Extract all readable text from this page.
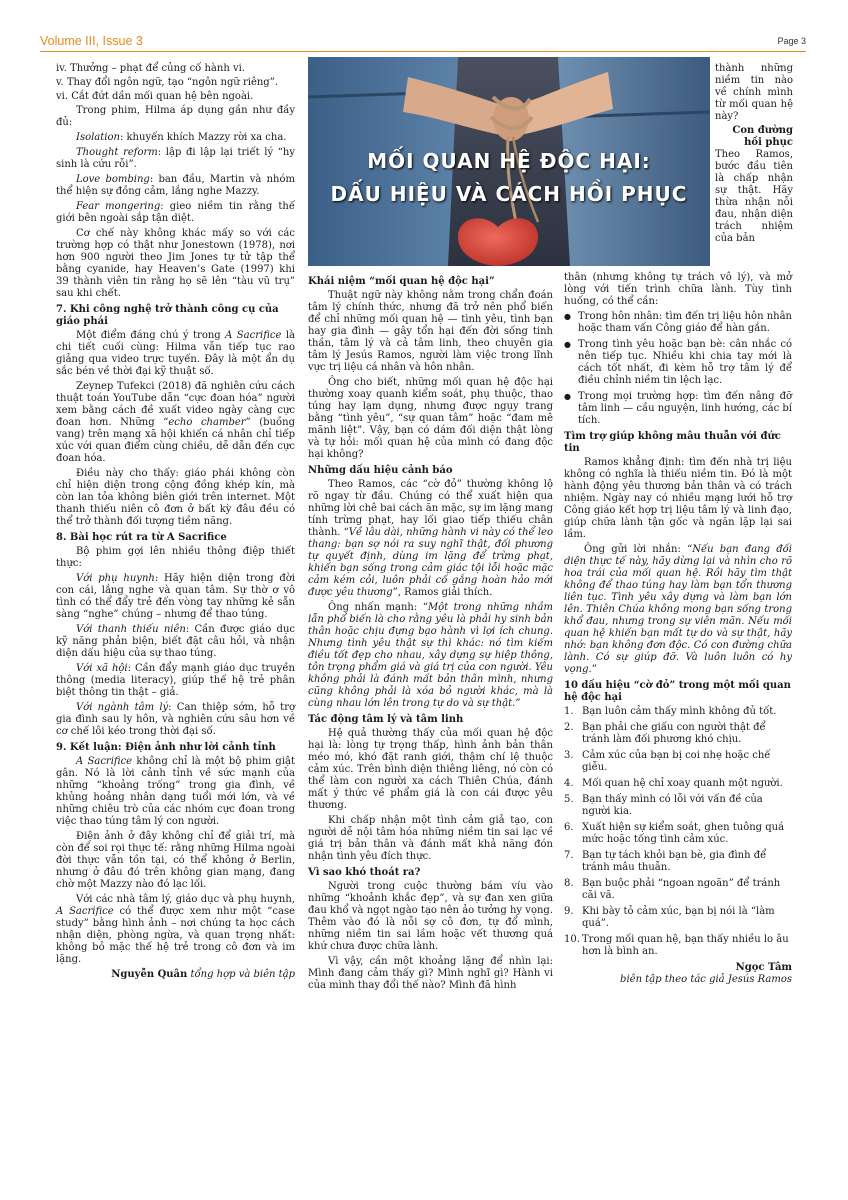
Volume III, Issue 3	Page 3

iv. Thưởng – phạt để củng cố hành vi.

v. Thay đổi ngôn ngữ, tạo “ngôn ngữ riêng”.

vi. Cắt đứt dần mối quan hệ bên ngoài.

Trong phim, Hilma áp dụng gần như đầy đủ:

Isolation: khuyến khích Mazzy rời xa cha.

Thought reform: lập đi lập lại triết lý “hy sinh là cứu rỗi”.

Love bombing: ban đầu, Martin và nhóm thể hiện sự đồng cảm, lắng nghe Mazzy.

Fear mongering: gieo niềm tin rằng thế giới bên ngoài sắp tận diệt.

Cơ chế này không khác mấy so với các trường hợp có thật như Jonestown (1978), nơi hơn 900 người theo Jim Jones tự tử tập thể bằng cyanide, hay Heaven’s Gate (1997) khi 39 thành viên tin rằng họ sẽ lên “tàu vũ trụ” sau khi chết.

7. Khi công nghệ trở thành công cụ của giáo phái

Một điểm đáng chú ý trong A Sacrifice là chi tiết cuối cùng: Hilma vẫn tiếp tục rao giảng qua video trực tuyến. Đây là một ẩn dụ sắc bén về thời đại kỹ thuật số.

Zeynep Tufekci (2018) đã nghiên cứu cách thuật toán YouTube dẫn “cực đoan hóa” người xem bằng cách đề xuất video ngày càng cực đoan hơn. Những “echo chamber” (buồng vang) trên mạng xã hội khiến cá nhân chỉ tiếp xúc với quan điểm cùng chiều, dễ dẫn đến cực đoan hóa.

Điều này cho thấy: giáo phái không còn chỉ hiện diện trong cộng đồng khép kín, mà còn lan tỏa không biên giới trên internet. Một thanh thiếu niên cô đơn ở bất kỳ đâu đều có thể trở thành đối tượng tiềm năng.

8. Bài học rút ra từ A Sacrifice

Bộ phim gợi lên nhiều thông điệp thiết thực:

Với phụ huynh: Hãy hiện diện trong đời con cái, lắng nghe và quan tâm. Sự thờ ơ vô tình có thể đẩy trẻ đến vòng tay những kẻ sẵn sàng “nghe” chúng – nhưng để thao túng.

Với thanh thiếu niên: Cần được giáo dục kỹ năng phản biện, biết đặt câu hỏi, và nhận diện dấu hiệu của sự thao túng.

Với xã hội: Cần đẩy mạnh giáo dục truyền thông (media literacy), giúp thế hệ trẻ phân biệt thông tin thật – giả.

Với ngành tâm lý: Can thiệp sớm, hỗ trợ gia đình sau ly hôn, và nghiên cứu sâu hơn về cơ chế lôi kéo trong thời đại số.

9. Kết luận: Điện ảnh như lời cảnh tỉnh

A Sacrifice không chỉ là một bộ phim giật gân. Nó là lời cảnh tỉnh về sức mạnh của những “khoảng trống” trong gia đình, về khủng hoảng nhân dạng tuổi mới lớn, và về những chiêu trò của các nhóm cực đoan trong việc thao túng tâm lý con người.

Điện ảnh ở đây không chỉ để giải trí, mà còn để soi rọi thực tế: rằng những Hilma ngoài đời thực vẫn tồn tại, có thể không ở Berlin, nhưng ở đâu đó trên không gian mạng, đang chờ một Mazzy nào đó lạc lối.

Với các nhà tâm lý, giáo dục và phụ huynh, A Sacrifice có thể được xem như một “case study” bằng hình ảnh – nơi chúng ta học cách nhận diện, phòng ngừa, và quan trọng nhất: không bỏ mặc thế hệ trẻ trong cô đơn và im lặng.

Nguyễn Quân tổng hợp và biên tập

MỐI QUAN HỆ ĐỘC HẠI:
DẤU HIỆU VÀ CÁCH HỒI PHỤC

thành những niềm tin nào về chính mình từ mối quan hệ này?

Con đường hồi phục

Theo Ramos, bước đầu tiên là chấp nhận sự thật. Hãy thừa nhận nỗi đau, nhận diện trách nhiệm của bản

Khái niệm “mối quan hệ độc hại”

Thuật ngữ này không nằm trong chẩn đoán tâm lý chính thức, nhưng đã trở nên phổ biến để chỉ những mối quan hệ — tình yêu, tình bạn hay gia đình — gây tổn hại đến đời sống tinh thần, tâm lý và cả tâm linh, theo chuyên gia tâm lý Jesús Ramos, người làm việc trong lĩnh vực trị liệu cá nhân và hôn nhân.

Ông cho biết, những mối quan hệ độc hại thường xoay quanh kiểm soát, phụ thuộc, thao túng hay lạm dụng, nhưng được ngụy trang bằng “tình yêu”, “sự quan tâm” hoặc “đam mê mãnh liệt”. Vậy, bạn có dám đối diện thật lòng và tự hỏi: mối quan hệ của mình có đang độc hại không?

Những dấu hiệu cảnh báo

Theo Ramos, các “cờ đỏ” thường không lộ rõ ngay từ đầu. Chúng có thể xuất hiện qua những lời chê bai cách ăn mặc, sự im lặng mang tính trừng phạt, hay lối giao tiếp thiếu chân thành. “Về lâu dài, những hành vi này có thể leo thang: bạn sợ nói ra suy nghĩ thật, đối phương tự quyết định, dùng im lặng để trừng phạt, khiến bạn sống trong cảm giác tội lỗi hoặc mặc cảm kém cỏi, luôn phải cố gắng hoàn hảo mới được yêu thương”, Ramos giải thích.

Ông nhấn mạnh: “Một trong những nhầm lẫn phổ biến là cho rằng yêu là phải hy sinh bản thân hoặc chịu đựng bạo hành vì lợi ích chung. Nhưng tình yêu thật sự thì khác: nó tìm kiếm điều tốt đẹp cho nhau, xây dựng sự hiệp thông, tôn trọng phẩm giá và giá trị của con người. Yêu không phải là đánh mất bản thân mình, nhưng cũng không phải là xóa bỏ người khác, mà là cùng nhau lớn lên trong tự do và sự thật.”

Tác động tâm lý và tâm linh

Hệ quả thường thấy của mối quan hệ độc hại là: lòng tự trọng thấp, hình ảnh bản thân méo mó, khó đặt ranh giới, thậm chí lệ thuộc cảm xúc. Trên bình diện thiêng liêng, nó còn có thể làm con người xa cách Thiên Chúa, đánh mất ý thức về phẩm giá là con cái được yêu thương.

Khi chấp nhận một tình cảm giả tạo, con người dễ nội tâm hóa những niềm tin sai lạc về giá trị bản thân và đánh mất khả năng đón nhận tình yêu đích thực.

Vì sao khó thoát ra?

Người trong cuộc thường bám víu vào những “khoảnh khắc đẹp”, và sự đan xen giữa đau khổ và ngọt ngào tạo nên ảo tưởng hy vọng. Thêm vào đó là nỗi sợ cô đơn, tự đổ mình, những niềm tin sai lầm hoặc vết thương quá khứ chưa được chữa lành.

Vì vậy, cần một khoảng lặng để nhìn lại: Mình đang cảm thấy gì? Mình nghĩ gì? Hành vi của mình thay đổi thế nào? Mình đã hình

thân (nhưng không tự trách vô lý), và mở lòng với tiến trình chữa lành. Tùy tình huống, có thể cần:

● Trong hôn nhân: tìm đến trị liệu hôn nhân hoặc tham vấn Công giáo để hàn gắn.
● Trong tình yêu hoặc bạn bè: cân nhắc có nên tiếp tục. Nhiều khi chia tay mới là cách tốt nhất, đi kèm hỗ trợ tâm lý để điều chỉnh niềm tin lệch lạc.
● Trong mọi trường hợp: tìm đến nâng đỡ tâm linh — cầu nguyện, linh hướng, các bí tích.
Tìm trợ giúp không mâu thuẫn với đức tin

Ramos khẳng định: tìm đến nhà trị liệu không có nghĩa là thiếu niềm tin. Đó là một hành động yêu thương bản thân và có trách nhiệm. Ngày nay có nhiều mạng lưới hỗ trợ Công giáo kết hợp trị liệu tâm lý và linh đạo, giúp chữa lành tận gốc và ngăn lặp lại sai lầm.

Ông gửi lời nhắn: “Nếu bạn đang đối diện thực tế này, hãy dừng lại và nhìn cho rõ hoa trái của mối quan hệ. Rồi hãy tìm thật không để thao túng hay làm bạn tổn thương liên tục. Tình yêu xây dựng và làm bạn lớn lên. Thiên Chúa không mong bạn sống trong khổ đau, nhưng trong sự viên mãn. Nếu mối quan hệ khiến bạn mất tự do và sự thật, hãy nhớ: bạn không đơn độc. Có con đường chữa lành. Có sự giúp đỡ. Và luôn luôn có hy vọng.”

10 dấu hiệu “cờ đỏ” trong một mối quan hệ độc hại
1. Bạn luôn cảm thấy mình không đủ tốt.
2. Bạn phải che giấu con người thật để tránh làm đối phương khó chịu.
3. Cảm xúc của bạn bị coi nhẹ hoặc chế giễu.
4. Mối quan hệ chỉ xoay quanh một người.
5. Bạn thấy mình có lỗi với vấn đề của người kia.
6. Xuất hiện sự kiểm soát, ghen tuông quá mức hoặc tống tình cảm xúc.
7. Bạn tự tách khỏi bạn bè, gia đình để tránh mâu thuẫn.
8. Bạn buộc phải “ngoan ngoãn” để tránh cãi vã.
9. Khi bày tỏ cảm xúc, bạn bị nói là “làm quá”.
10. Trong mối quan hệ, bạn thấy nhiều lo âu hơn là bình an.

Ngọc Tâm

biên tập theo tác giả Jesús Ramos
